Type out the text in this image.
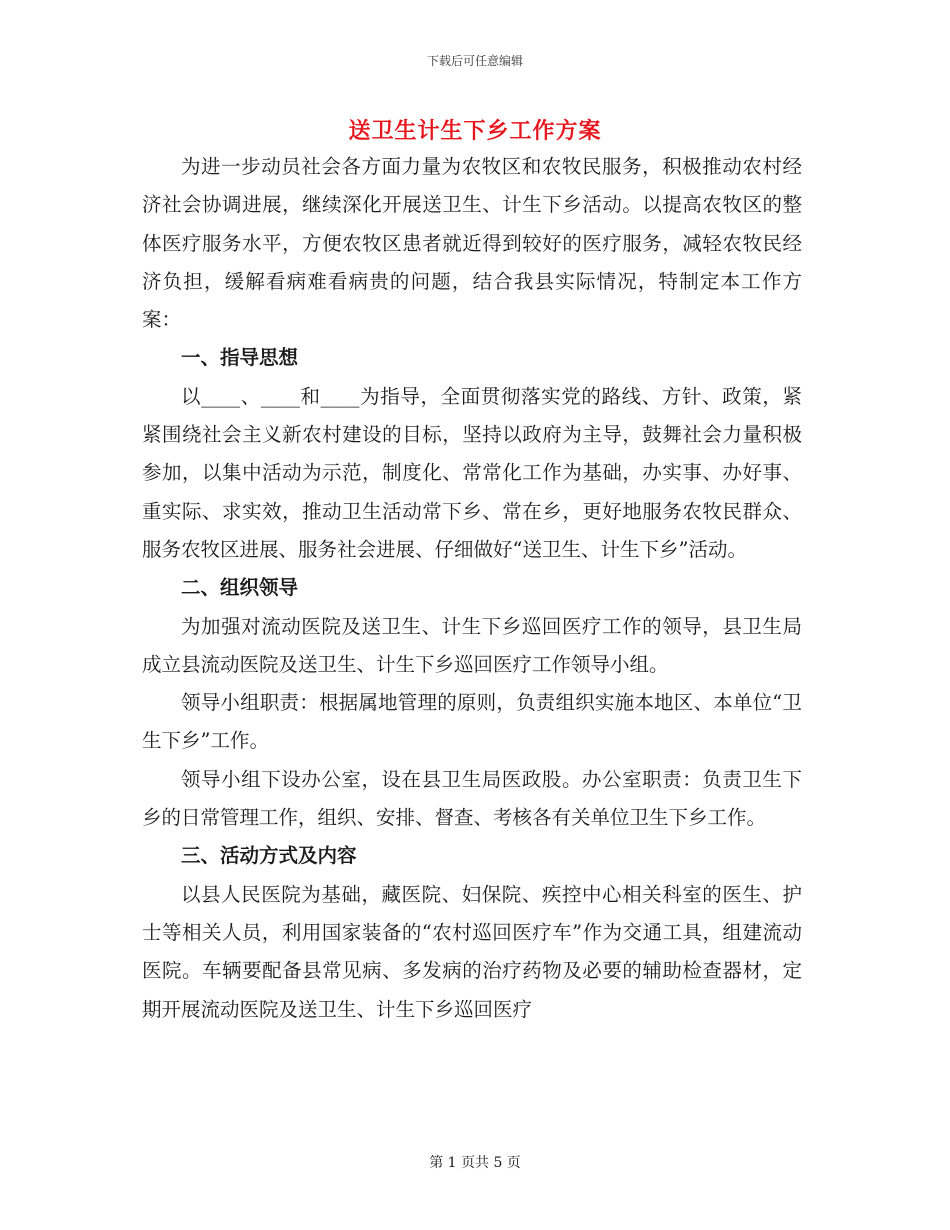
下载后可任意编辑
送卫生计生下乡工作方案

为进一步动员社会各方面力量为农牧区和农牧民服务，积极推动农村经济社会协调进展，继续深化开展送卫生、计生下乡活动。以提高农牧区的整体医疗服务水平，方便农牧区患者就近得到较好的医疗服务，减轻农牧民经济负担，缓解看病难看病贵的问题，结合我县实际情况，特制定本工作方案：

一、指导思想

以____、____和____为指导，全面贯彻落实党的路线、方针、政策，紧紧围绕社会主义新农村建设的目标，坚持以政府为主导，鼓舞社会力量积极参加，以集中活动为示范，制度化、常常化工作为基础，办实事、办好事、重实际、求实效，推动卫生活动常下乡、常在乡，更好地服务农牧民群众、服务农牧区进展、服务社会进展、仔细做好“送卫生、计生下乡”活动。

二、组织领导

为加强对流动医院及送卫生、计生下乡巡回医疗工作的领导，县卫生局成立县流动医院及送卫生、计生下乡巡回医疗工作领导小组。

领导小组职责：根据属地管理的原则，负责组织实施本地区、本单位“卫生下乡”工作。

领导小组下设办公室，设在县卫生局医政股。办公室职责：负责卫生下乡的日常管理工作，组织、安排、督查、考核各有关单位卫生下乡工作。

三、活动方式及内容

以县人民医院为基础，藏医院、妇保院、疾控中心相关科室的医生、护士等相关人员，利用国家装备的“农村巡回医疗车”作为交通工具，组建流动医院。车辆要配备县常见病、多发病的治疗药物及必要的辅助检查器材，定期开展流动医院及送卫生、计生下乡巡回医疗

第 1 页共 5 页
